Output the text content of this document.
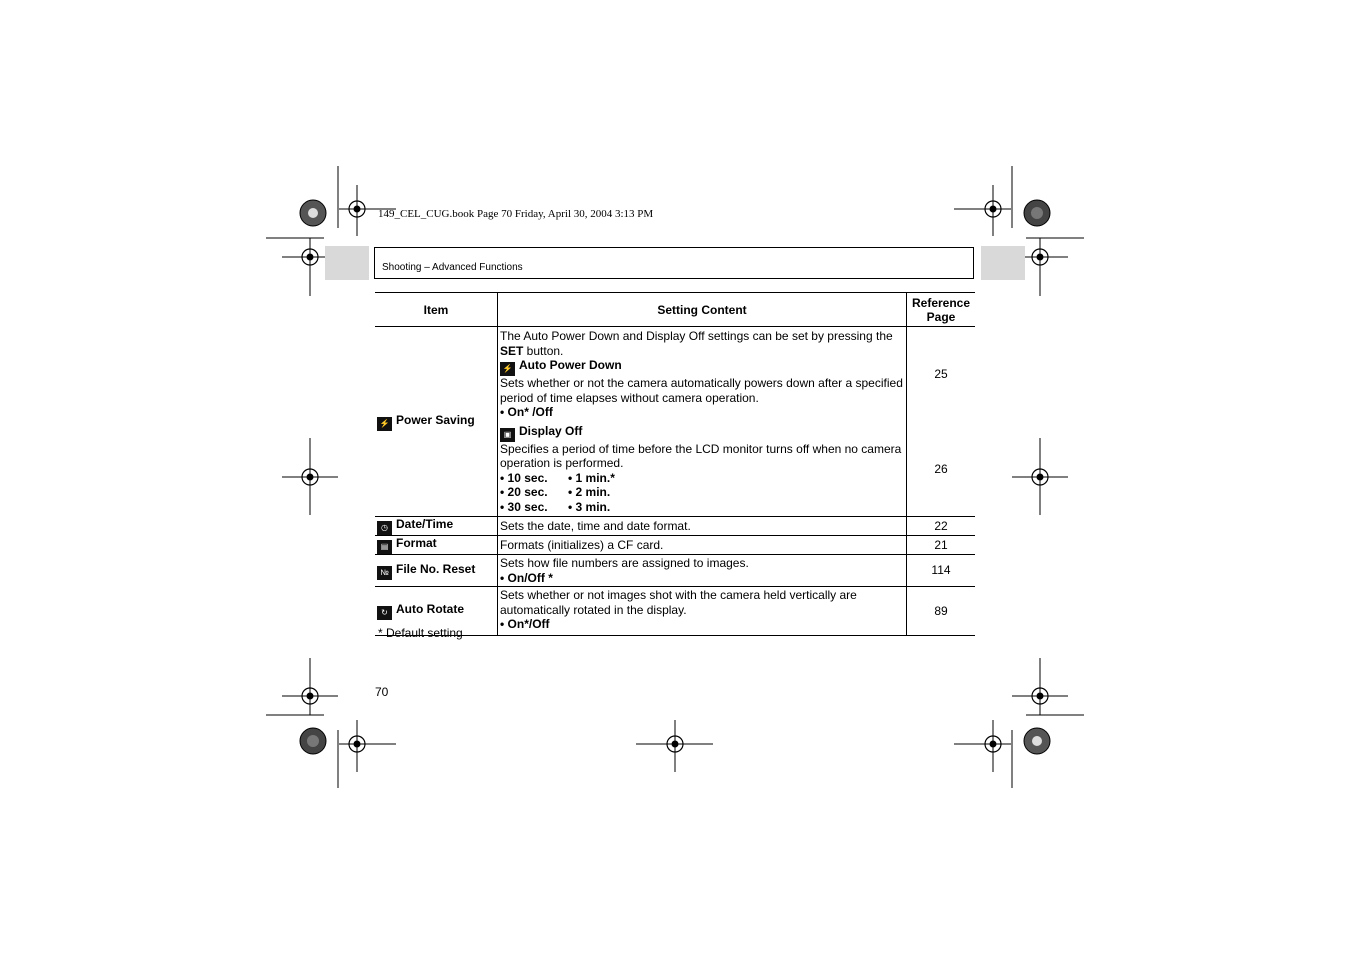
149_CEL_CUG.book Page 70 Friday, April 30, 2004 3:13 PM
Shooting – Advanced Functions
Item	Setting Content	Reference Page
⚡ Power Saving	The Auto Power Down and Display Off settings can be set by pressing the SET button.
⚡ Auto Power Down
Sets whether or not the camera automatically powers down after a specified period of time elapses without camera operation.
• On* /Off	25

	▣ Display Off
Specifies a period of time before the LCD monitor turns off when no camera operation is performed.
• 10 sec. • 1 min.*
• 20 sec. • 2 min.
• 30 sec. • 3 min.	26
◷ Date/Time	Sets the date, time and date format.	22
▤ Format	Formats (initializes) a CF card.	21
№ File No. Reset	Sets how file numbers are assigned to images.
• On/Off *	114
↻ Auto Rotate	Sets whether or not images shot with the camera held vertically are automatically rotated in the display.
• On*/Off	89
* Default setting
70
